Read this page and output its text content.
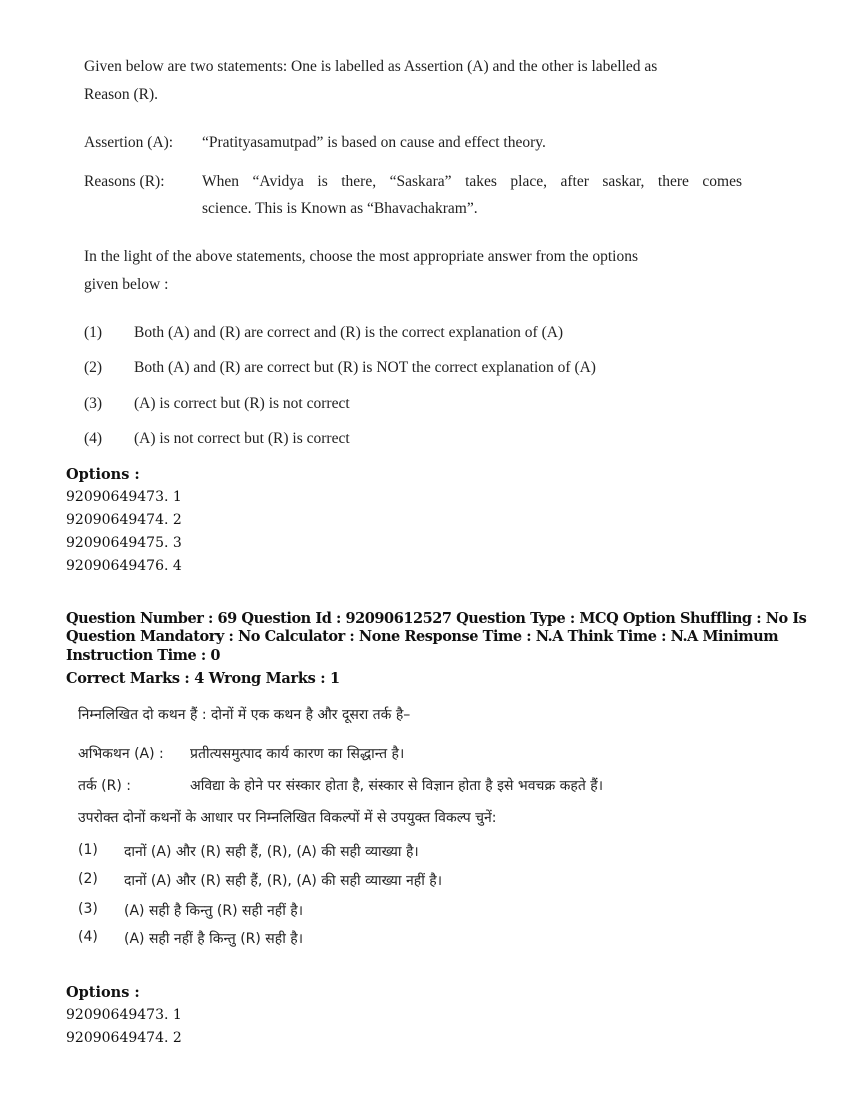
Given below are two statements: One is labelled as Assertion (A) and the other is labelled as
Reason (R).
Assertion (A): “Pratityasamutpad” is based on cause and effect theory.
Reasons (R): When “Avidya is there, “Saskara” takes place, after saskar, there comes
science. This is Known as “Bhavachakram”.
In the light of the above statements, choose the most appropriate answer from the options
given below :
(1) Both (A) and (R) are correct and (R) is the correct explanation of (A)
(2) Both (A) and (R) are correct but (R) is NOT the correct explanation of (A)
(3) (A) is correct but (R) is not correct
(4) (A) is not correct but (R) is correct
Options :
92090649473. 1
92090649474. 2
92090649475. 3
92090649476. 4
Question Number : 69 Question Id : 92090612527 Question Type : MCQ Option Shuffling : No Is
Question Mandatory : No Calculator : None Response Time : N.A Think Time : N.A Minimum
Instruction Time : 0
Correct Marks : 4 Wrong Marks : 1
निम्नलिखित दो कथन हैं : दोनों में एक कथन है और दूसरा तर्क है–
अभिकथन (A) : प्रतीत्यसमुत्पाद कार्य कारण का सिद्धान्त है।
तर्क (R) :	अविद्या के होने पर संस्कार होता है, संस्कार से विज्ञान होता है इसे भवचक्र कहते हैं।
उपरोक्त दोनों कथनों के आधार पर निम्नलिखित विकल्पों में से उपयुक्त विकल्प चुनें:
(1) दानों (A) और (R) सही हैं, (R), (A) की सही व्याख्या है।
(2) दानों (A) और (R) सही हैं, (R), (A) की सही व्याख्या नहीं है।
(3) (A) सही है किन्तु (R) सही नहीं है।
(4) (A) सही नहीं है किन्तु (R) सही है।
Options :
92090649473. 1
92090649474. 2
